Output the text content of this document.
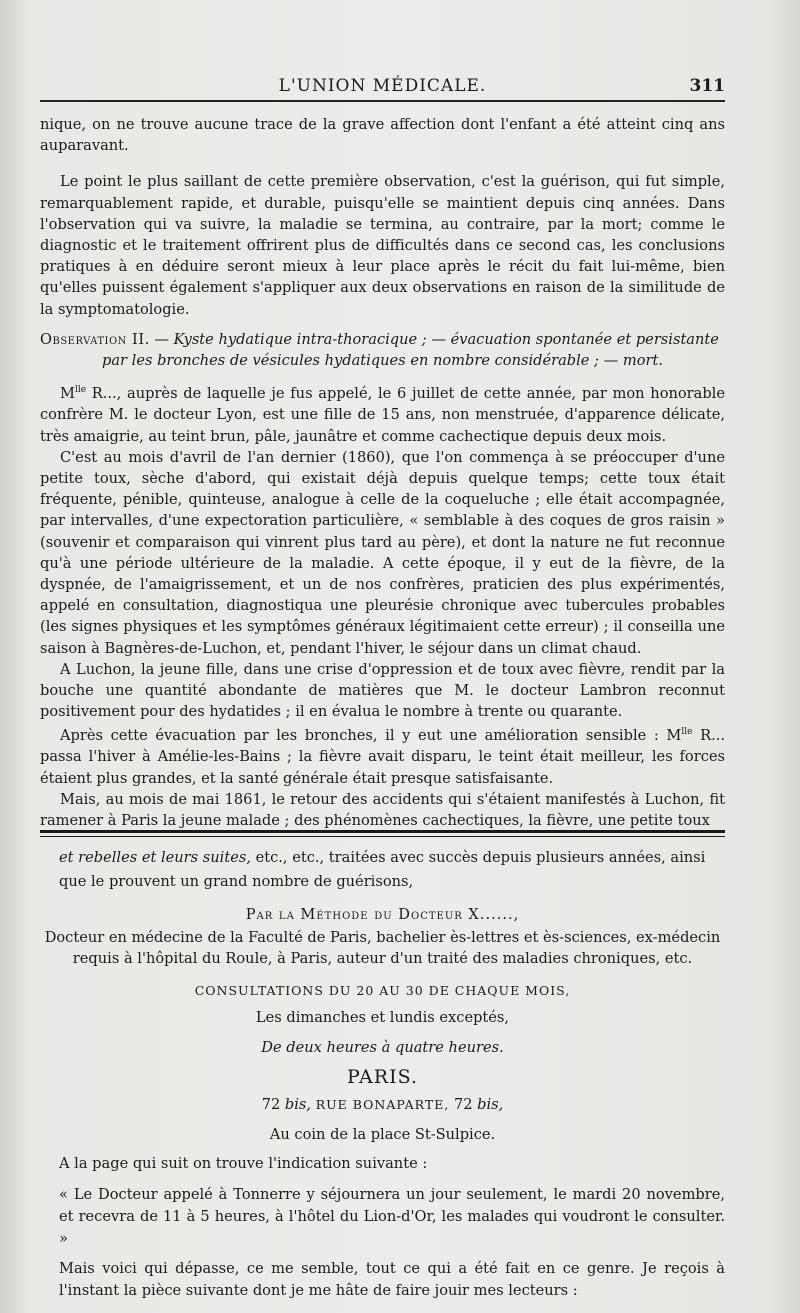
L'UNION MÉDICALE.	311

nique, on ne trouve aucune trace de la grave affection dont l'enfant a été atteint cinq ans auparavant.

Le point le plus saillant de cette première observation, c'est la guérison, qui fut simple, remarquablement rapide, et durable, puisqu'elle se maintient depuis cinq années. Dans l'observation qui va suivre, la maladie se termina, au contraire, par la mort; comme le diagnostic et le traitement offrirent plus de difficultés dans ce second cas, les conclusions pratiques à en déduire seront mieux à leur place après le récit du fait lui-même, bien qu'elles puissent également s'appliquer aux deux observations en raison de la similitude de la symptomatologie.

Observation II. — Kyste hydatique intra-thoracique ; — évacuation spontanée et persistante
par les bronches de vésicules hydatiques en nombre considérable ; — mort.

$M^{lle}$ R..., auprès de laquelle je fus appelé, le 6 juillet de cette année, par mon honorable confrère M. le docteur Lyon, est une fille de 15 ans, non menstruée, d'apparence délicate, très amaigrie, au teint brun, pâle, jaunâtre et comme cachectique depuis deux mois.

C'est au mois d'avril de l'an dernier (1860), que l'on commença à se préoccuper d'une petite toux, sèche d'abord, qui existait déjà depuis quelque temps; cette toux était fréquente, pénible, quinteuse, analogue à celle de la coqueluche ; elle était accompagnée, par intervalles, d'une expectoration particulière, « semblable à des coques de gros raisin » (souvenir et comparaison qui vinrent plus tard au père), et dont la nature ne fut reconnue qu'à une période ultérieure de la maladie. A cette époque, il y eut de la fièvre, de la dyspnée, de l'amaigrissement, et un de nos confrères, praticien des plus expérimentés, appelé en consultation, diagnostiqua une pleurésie chronique avec tubercules probables (les signes physiques et les symptômes généraux légitimaient cette erreur) ; il conseilla une saison à Bagnères-de-Luchon, et, pendant l'hiver, le séjour dans un climat chaud.

A Luchon, la jeune fille, dans une crise d'oppression et de toux avec fièvre, rendit par la bouche une quantité abondante de matières que M. le docteur Lambron reconnut positivement pour des hydatides ; il en évalua le nombre à trente ou quarante.

Après cette évacuation par les bronches, il y eut une amélioration sensible : $M^{lle}$ R... passa l'hiver à Amélie-les-Bains ; la fièvre avait disparu, le teint était meilleur, les forces étaient plus grandes, et la santé générale était presque satisfaisante.

Mais, au mois de mai 1861, le retour des accidents qui s'étaient manifestés à Luchon, fit ramener à Paris la jeune malade ; des phénomènes cachectiques, la fièvre, une petite toux

et rebelles et leurs suites, etc., etc., traitées avec succès depuis plusieurs années, ainsi que le prouvent un grand nombre de guérisons,

Par la Méthode du Docteur X......,

Docteur en médecine de la Faculté de Paris, bachelier ès-lettres et ès-sciences, ex-médecin requis à l'hôpital du Roule, à Paris, auteur d'un traité des maladies chroniques, etc.

CONSULTATIONS DU 20 AU 30 DE CHAQUE MOIS,

Les dimanches et lundis exceptés,

De deux heures à quatre heures.

PARIS.

72 bis, RUE BONAPARTE, 72 bis,

Au coin de la place St-Sulpice.

A la page qui suit on trouve l'indication suivante :

« Le Docteur appelé à Tonnerre y séjournera un jour seulement, le mardi 20 novembre, et recevra de 11 à 5 heures, à l'hôtel du Lion-d'Or, les malades qui voudront le consulter. »

Mais voici qui dépasse, ce me semble, tout ce qui a été fait en ce genre. Je reçois à l'instant la pièce suivante dont je me hâte de faire jouir mes lecteurs :
